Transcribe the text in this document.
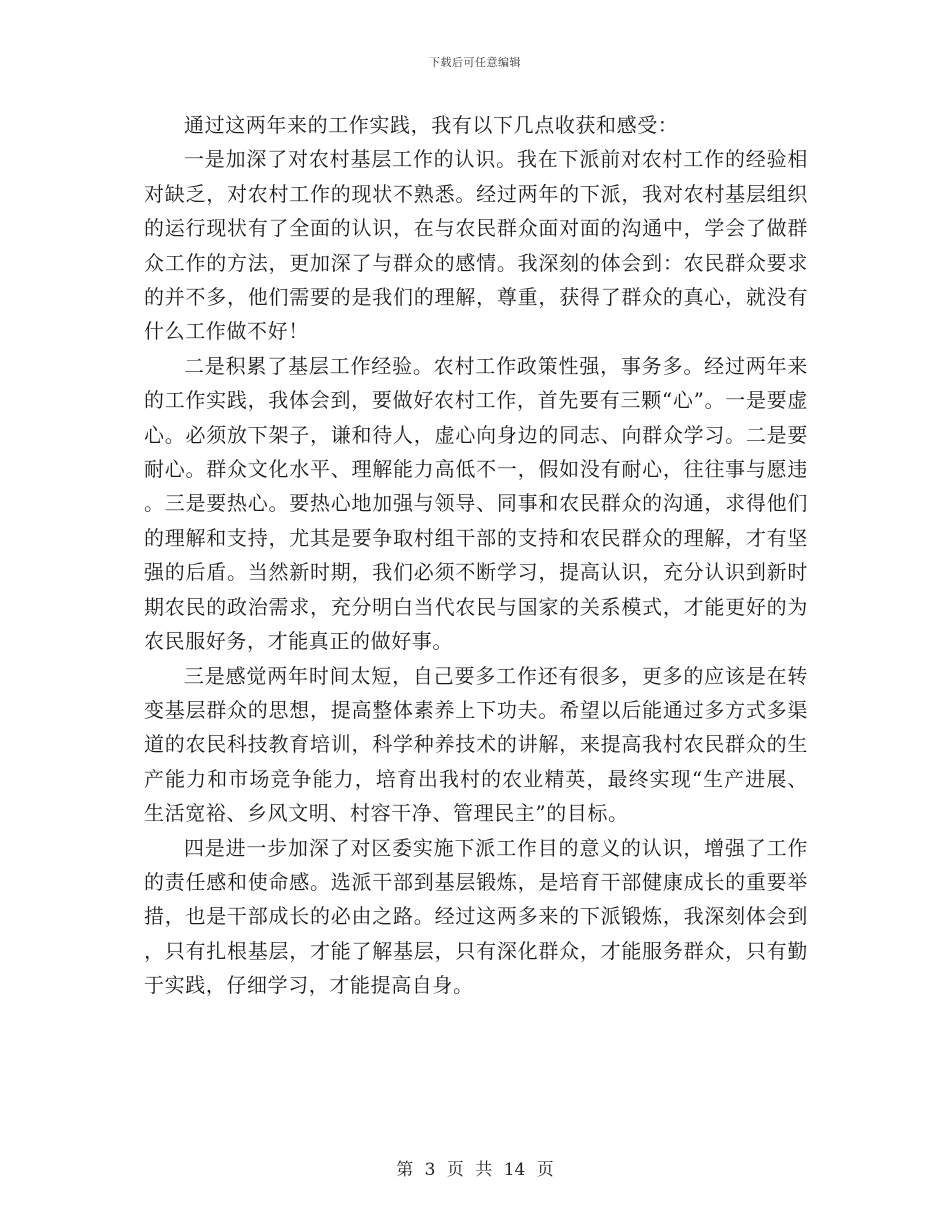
下载后可任意编辑

通过这两年来的工作实践，我有以下几点收获和感受：

一是加深了对农村基层工作的认识。我在下派前对农村工作的经验相对缺乏，对农村工作的现状不熟悉。经过两年的下派，我对农村基层组织的运行现状有了全面的认识，在与农民群众面对面的沟通中，学会了做群众工作的方法，更加深了与群众的感情。我深刻的体会到：农民群众要求的并不多，他们需要的是我们的理解，尊重，获得了群众的真心，就没有什么工作做不好！

二是积累了基层工作经验。农村工作政策性强，事务多。经过两年来的工作实践，我体会到，要做好农村工作，首先要有三颗“心”。一是要虚心。必须放下架子，谦和待人，虚心向身边的同志、向群众学习。二是要耐心。群众文化水平、理解能力高低不一，假如没有耐心，往往事与愿违。三是要热心。要热心地加强与领导、同事和农民群众的沟通，求得他们的理解和支持，尤其是要争取村组干部的支持和农民群众的理解，才有坚强的后盾。当然新时期，我们必须不断学习，提高认识，充分认识到新时期农民的政治需求，充分明白当代农民与国家的关系模式，才能更好的为农民服好务，才能真正的做好事。

三是感觉两年时间太短，自己要多工作还有很多，更多的应该是在转变基层群众的思想，提高整体素养上下功夫。希望以后能通过多方式多渠道的农民科技教育培训，科学种养技术的讲解，来提高我村农民群众的生产能力和市场竞争能力，培育出我村的农业精英，最终实现“生产进展、生活宽裕、乡风文明、村容干净、管理民主”的目标。

四是进一步加深了对区委实施下派工作目的意义的认识，增强了工作的责任感和使命感。选派干部到基层锻炼，是培育干部健康成长的重要举措，也是干部成长的必由之路。经过这两多来的下派锻炼，我深刻体会到，只有扎根基层，才能了解基层，只有深化群众，才能服务群众，只有勤于实践，仔细学习，才能提高自身。

第 3 页 共 14 页
